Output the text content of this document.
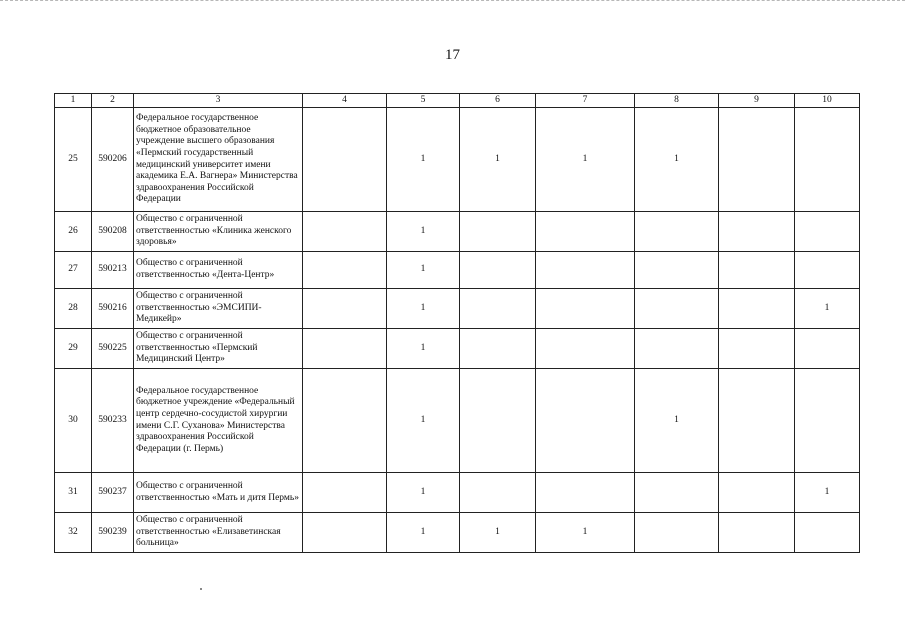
17
1	2	3	4	5	6	7	8	9	10
25	590206	Федеральное государственное бюджетное образовательное учреждение высшего образования «Пермский государственный медицинский университет имени академика Е.А. Вагнера» Министерства здравоохранения Российской Федерации		1	1	1	1		
26	590208	Общество с ограниченной ответственностью «Клиника женского здоровья»		1					
27	590213	Общество с ограниченной ответственностью «Дента-Центр»		1					
28	590216	Общество с ограниченной ответственностью «ЭМСИПИ-Медикейр»		1					1
29	590225	Общество с ограниченной ответственностью «Пермский Медицинский Центр»		1					
30	590233	Федеральное государственное бюджетное учреждение «Федеральный центр сердечно-сосудистой хирургии имени С.Г. Суханова» Министерства здравоохранения Российской Федерации (г. Пермь)		1			1		
31	590237	Общество с ограниченной ответственностью «Мать и дитя Пермь»		1					1
32	590239	Общество с ограниченной ответственностью «Елизаветинская больница»		1	1	1			
